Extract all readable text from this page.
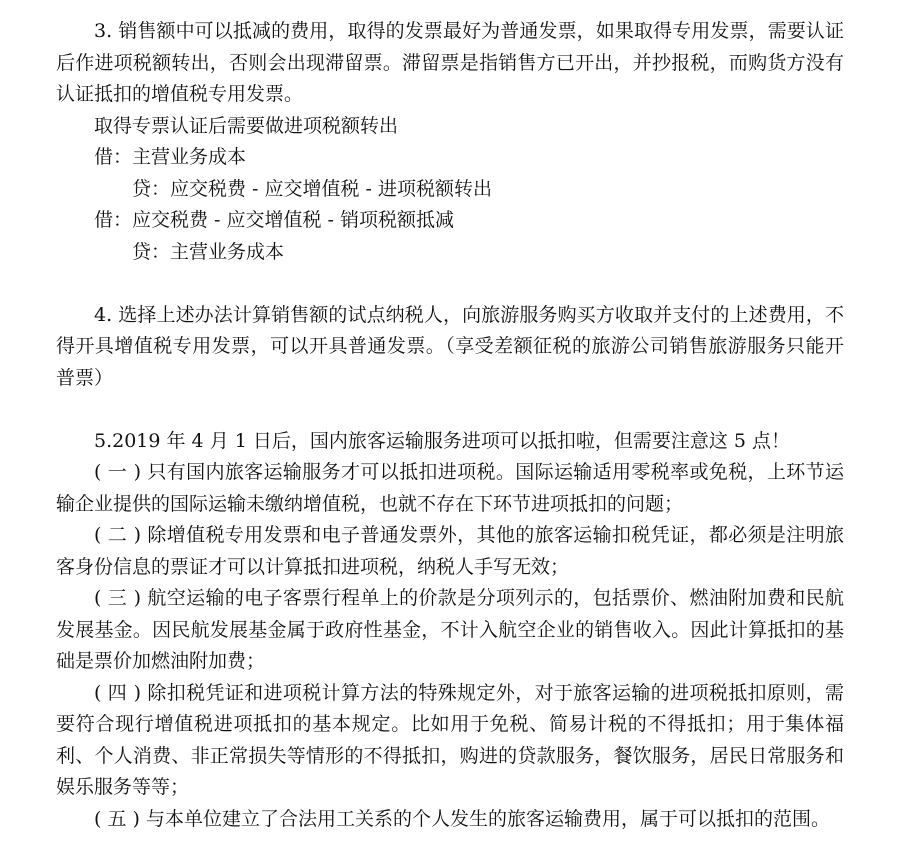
3. 销售额中可以抵减的费用，取得的发票最好为普通发票，如果取得专用发票，需要认证后作进项税额转出，否则会出现滞留票。滞留票是指销售方已开出，并抄报税，而购货方没有认证抵扣的增值税专用发票。

取得专票认证后需要做进项税额转出

借：主营业务成本

贷：应交税费 - 应交增值税 - 进项税额转出

借：应交税费 - 应交增值税 - 销项税额抵减

贷：主营业务成本

4. 选择上述办法计算销售额的试点纳税人，向旅游服务购买方收取并支付的上述费用，不得开具增值税专用发票，可以开具普通发票。（享受差额征税的旅游公司销售旅游服务只能开普票）

5.2019 年 4 月 1 日后，国内旅客运输服务进项可以抵扣啦，但需要注意这 5 点！

( 一 ) 只有国内旅客运输服务才可以抵扣进项税。国际运输适用零税率或免税，上环节运输企业提供的国际运输未缴纳增值税，也就不存在下环节进项抵扣的问题；

( 二 ) 除增值税专用发票和电子普通发票外，其他的旅客运输扣税凭证，都必须是注明旅客身份信息的票证才可以计算抵扣进项税，纳税人手写无效；

( 三 ) 航空运输的电子客票行程单上的价款是分项列示的，包括票价、燃油附加费和民航发展基金。因民航发展基金属于政府性基金，不计入航空企业的销售收入。因此计算抵扣的基础是票价加燃油附加费；

( 四 ) 除扣税凭证和进项税计算方法的特殊规定外，对于旅客运输的进项税抵扣原则，需要符合现行增值税进项抵扣的基本规定。比如用于免税、简易计税的不得抵扣；用于集体福利、个人消费、非正常损失等情形的不得抵扣，购进的贷款服务，餐饮服务，居民日常服务和娱乐服务等等；

( 五 ) 与本单位建立了合法用工关系的个人发生的旅客运输费用，属于可以抵扣的范围。
